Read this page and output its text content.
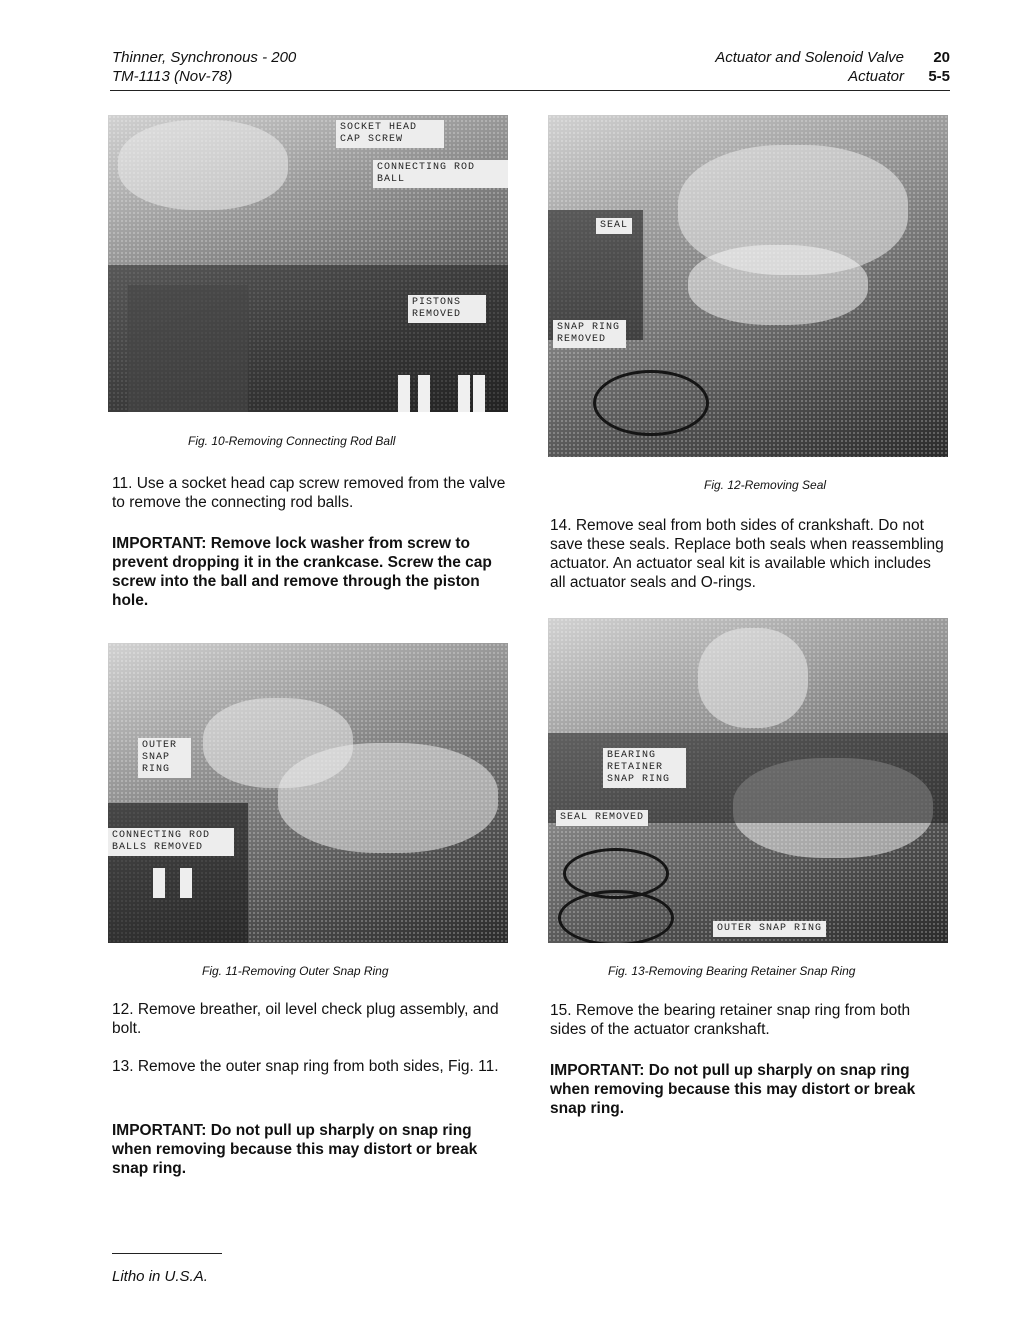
Thinner, Synchronous - 200
TM-1113 (Nov-78)
Actuator and Solenoid Valve 20
Actuator 5-5
SOCKET HEAD CAP SCREW
CONNECTING ROD BALL
PISTONS REMOVED
Fig. 10-Removing Connecting Rod Ball
SEAL
SNAP RING REMOVED
Fig. 12-Removing Seal
11. Use a socket head cap screw removed from the valve to remove the connecting rod balls.
IMPORTANT: Remove lock washer from screw to prevent dropping it in the crankcase. Screw the cap screw into the ball and remove through the piston hole.
14. Remove seal from both sides of crankshaft. Do not save these seals. Replace both seals when reassembling actuator. An actuator seal kit is available which includes all actuator seals and O-rings.
OUTER SNAP RING
CONNECTING ROD BALLS REMOVED
Fig. 11-Removing Outer Snap Ring
BEARING RETAINER SNAP RING
SEAL REMOVED
OUTER SNAP RING
Fig. 13-Removing Bearing Retainer Snap Ring
12. Remove breather, oil level check plug assembly, and bolt.
13. Remove the outer snap ring from both sides, Fig. 11.
IMPORTANT: Do not pull up sharply on snap ring when removing because this may distort or break snap ring.
15. Remove the bearing retainer snap ring from both sides of the actuator crankshaft.
IMPORTANT: Do not pull up sharply on snap ring when removing because this may distort or break snap ring.
Litho in U.S.A.
